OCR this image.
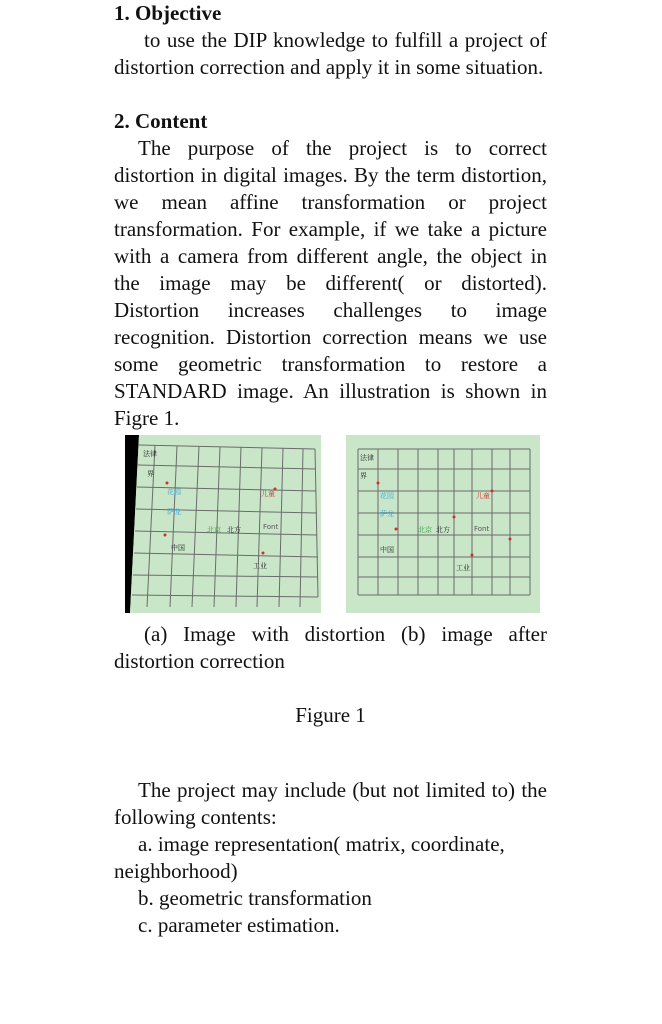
1. Objective

to use the DIP knowledge to fulfill a project of distortion correction and apply it in some situation.

2. Content

The purpose of the project is to correct distortion in digital images. By the term distortion, we mean affine transformation or project transformation. For example, if we take a picture with a camera from different angle, the object in the image may be different( or distorted). Distortion increases challenges to image recognition. Distortion correction means we use some geometric transformation to restore a STANDARD image. An illustration is shown in Figre 1.

法律
界
花园
萨龙
儿童
北京 北方	Font
中国
工业
法律
界
花园
萨龙
儿童
北京 北方	Font
中国
工业

(a) Image with distortion (b) image after distortion correction

Figure 1

The project may include (but not limited to) the following contents:

a. image representation( matrix, coordinate, neighborhood)

b. geometric transformation

c. parameter estimation.
